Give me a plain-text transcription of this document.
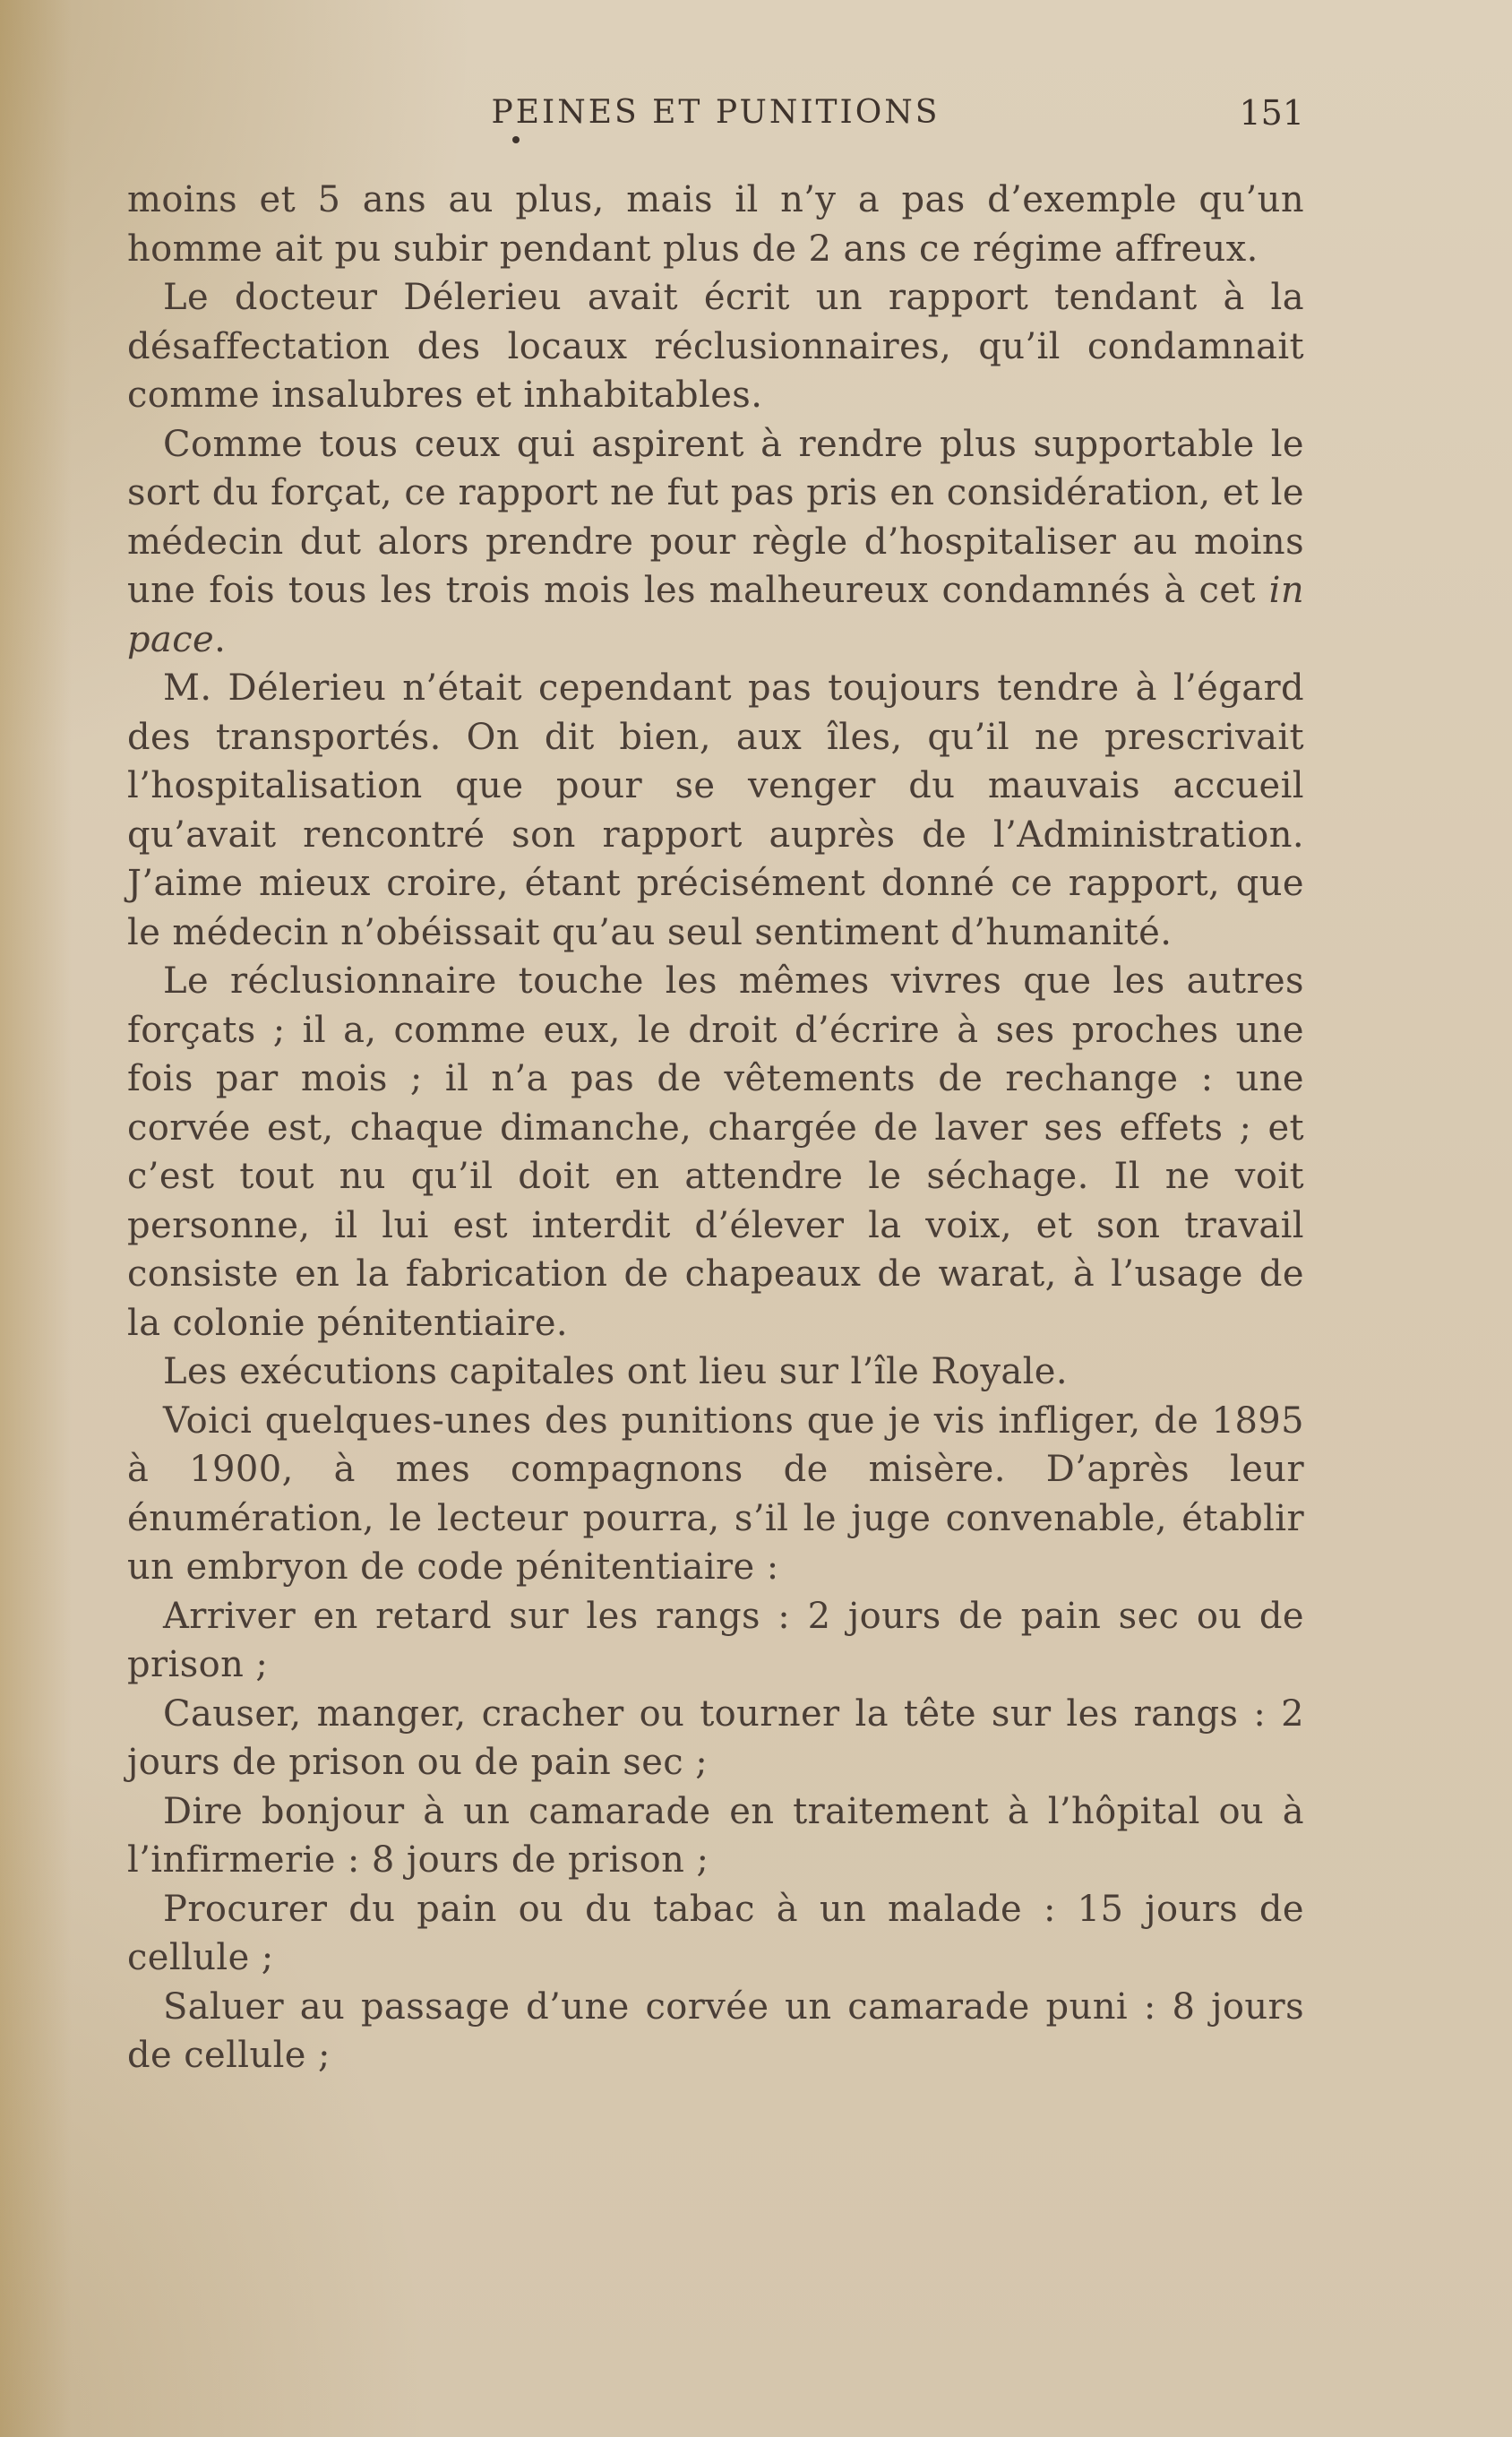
PEINES ET PUNITIONS	151

moins et 5 ans au plus, mais il n’y a pas d’exemple qu’un homme ait pu subir pendant plus de 2 ans ce régime affreux.

Le docteur Délerieu avait écrit un rapport tendant à la désaffectation des locaux réclusionnaires, qu’il condamnait comme insalubres et inhabitables.

Comme tous ceux qui aspirent à rendre plus supportable le sort du forçat, ce rapport ne fut pas pris en considération, et le médecin dut alors prendre pour règle d’hospitaliser au moins une fois tous les trois mois les malheureux condamnés à cet in pace.

M. Délerieu n’était cependant pas toujours tendre à l’égard des transportés. On dit bien, aux îles, qu’il ne prescrivait l’hospitalisation que pour se venger du mauvais accueil qu’avait rencontré son rapport auprès de l’Administration. J’aime mieux croire, étant précisément donné ce rapport, que le médecin n’obéissait qu’au seul sentiment d’humanité.

Le réclusionnaire touche les mêmes vivres que les autres forçats ; il a, comme eux, le droit d’écrire à ses proches une fois par mois ; il n’a pas de vêtements de rechange : une corvée est, chaque dimanche, chargée de laver ses effets ; et c’est tout nu qu’il doit en attendre le séchage. Il ne voit personne, il lui est interdit d’élever la voix, et son travail consiste en la fabrication de chapeaux de warat, à l’usage de la colonie pénitentiaire.

Les exécutions capitales ont lieu sur l’île Royale.

Voici quelques-unes des punitions que je vis infliger, de 1895 à 1900, à mes compagnons de misère. D’après leur énumération, le lecteur pourra, s’il le juge convenable, établir un embryon de code pénitentiaire :

Arriver en retard sur les rangs : 2 jours de pain sec ou de prison ;

Causer, manger, cracher ou tourner la tête sur les rangs : 2 jours de prison ou de pain sec ;

Dire bonjour à un camarade en traitement à l’hôpital ou à l’infirmerie : 8 jours de prison ;

Procurer du pain ou du tabac à un malade : 15 jours de cellule ;

Saluer au passage d’une corvée un camarade puni : 8 jours de cellule ;
